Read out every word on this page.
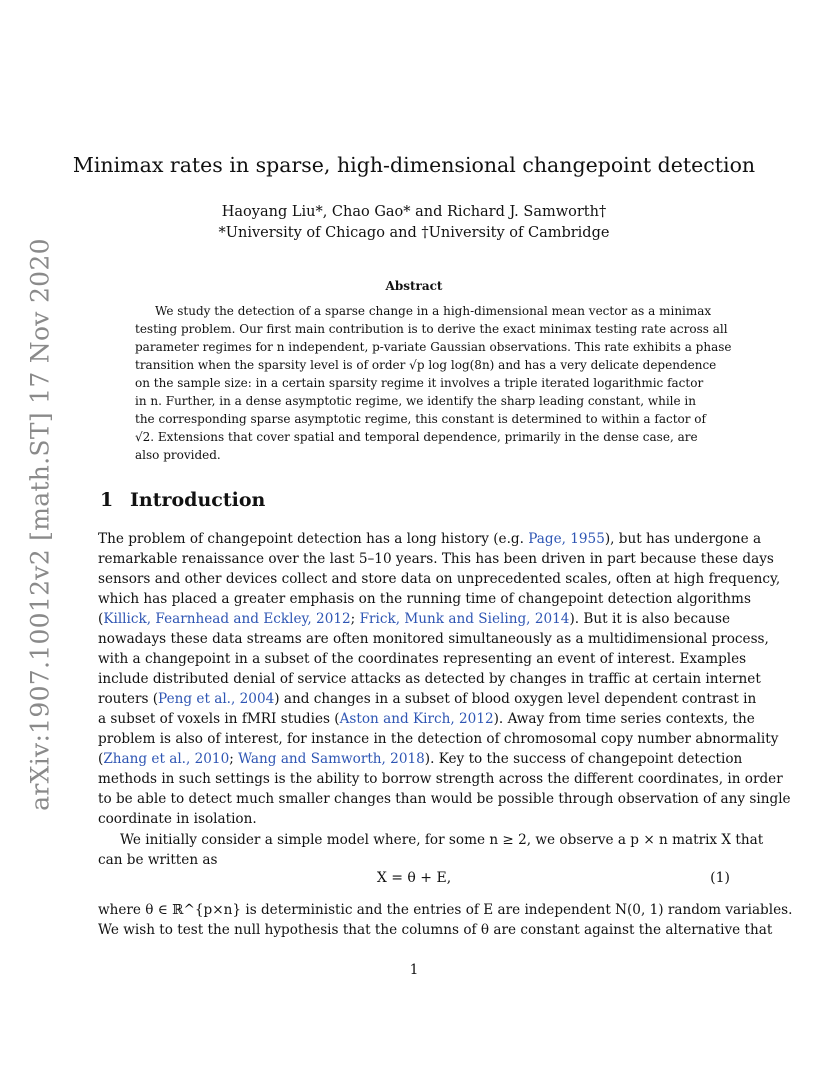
arXiv:1907.10012v2 [math.ST] 17 Nov 2020
Minimax rates in sparse, high-dimensional changepoint detection
Haoyang Liu*, Chao Gao* and Richard J. Samworth†
*University of Chicago and †University of Cambridge
Abstract
We study the detection of a sparse change in a high-dimensional mean vector as a minimax
testing problem. Our first main contribution is to derive the exact minimax testing rate across all
parameter regimes for n independent, p-variate Gaussian observations. This rate exhibits a phase
transition when the sparsity level is of order √p log log(8n) and has a very delicate dependence
on the sample size: in a certain sparsity regime it involves a triple iterated logarithmic factor
in n. Further, in a dense asymptotic regime, we identify the sharp leading constant, while in
the corresponding sparse asymptotic regime, this constant is determined to within a factor of
√2. Extensions that cover spatial and temporal dependence, primarily in the dense case, are
also provided.
1 Introduction
The problem of changepoint detection has a long history (e.g. Page, 1955), but has undergone a
remarkable renaissance over the last 5–10 years. This has been driven in part because these days
sensors and other devices collect and store data on unprecedented scales, often at high frequency,
which has placed a greater emphasis on the running time of changepoint detection algorithms
(Killick, Fearnhead and Eckley, 2012; Frick, Munk and Sieling, 2014). But it is also because
nowadays these data streams are often monitored simultaneously as a multidimensional process,
with a changepoint in a subset of the coordinates representing an event of interest. Examples
include distributed denial of service attacks as detected by changes in traffic at certain internet
routers (Peng et al., 2004) and changes in a subset of blood oxygen level dependent contrast in
a subset of voxels in fMRI studies (Aston and Kirch, 2012). Away from time series contexts, the
problem is also of interest, for instance in the detection of chromosomal copy number abnormality
(Zhang et al., 2010; Wang and Samworth, 2018). Key to the success of changepoint detection
methods in such settings is the ability to borrow strength across the different coordinates, in order
to be able to detect much smaller changes than would be possible through observation of any single
coordinate in isolation.
We initially consider a simple model where, for some n ≥ 2, we observe a p × n matrix X that
can be written as
X = θ + E,	(1)
where θ ∈ ℝ^{p×n} is deterministic and the entries of E are independent N(0, 1) random variables.
We wish to test the null hypothesis that the columns of θ are constant against the alternative that
1
